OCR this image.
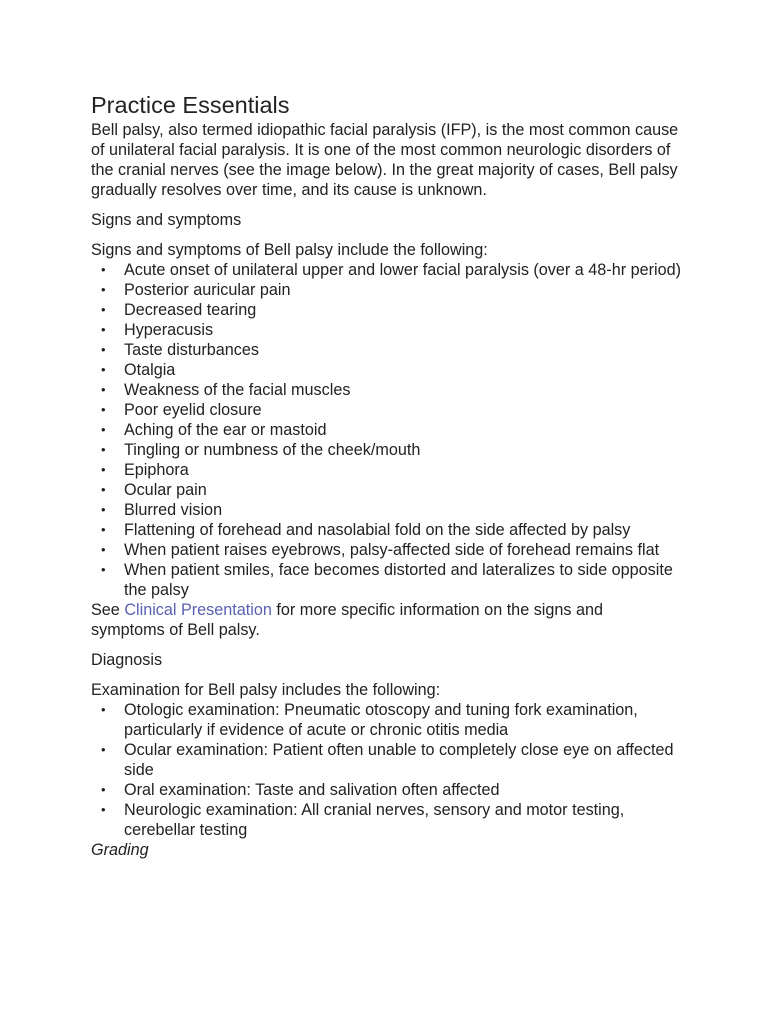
Practice Essentials

Bell palsy, also termed idiopathic facial paralysis (IFP), is the most common cause of unilateral facial paralysis. It is one of the most common neurologic disorders of the cranial nerves (see the image below). In the great majority of cases, Bell palsy gradually resolves over time, and its cause is unknown.

Signs and symptoms

Signs and symptoms of Bell palsy include the following:

• Acute onset of unilateral upper and lower facial paralysis (over a 48-hr period)
• Posterior auricular pain
• Decreased tearing
• Hyperacusis
• Taste disturbances
• Otalgia
• Weakness of the facial muscles
• Poor eyelid closure
• Aching of the ear or mastoid
• Tingling or numbness of the cheek/mouth
• Epiphora
• Ocular pain
• Blurred vision
• Flattening of forehead and nasolabial fold on the side affected by palsy
• When patient raises eyebrows, palsy-affected side of forehead remains flat
• When patient smiles, face becomes distorted and lateralizes to side opposite the palsy

See Clinical Presentation for more specific information on the signs and symptoms of Bell palsy.

Diagnosis

Examination for Bell palsy includes the following:

• Otologic examination: Pneumatic otoscopy and tuning fork examination, particularly if evidence of acute or chronic otitis media
• Ocular examination: Patient often unable to completely close eye on affected side
• Oral examination: Taste and salivation often affected
• Neurologic examination: All cranial nerves, sensory and motor testing, cerebellar testing

Grading
